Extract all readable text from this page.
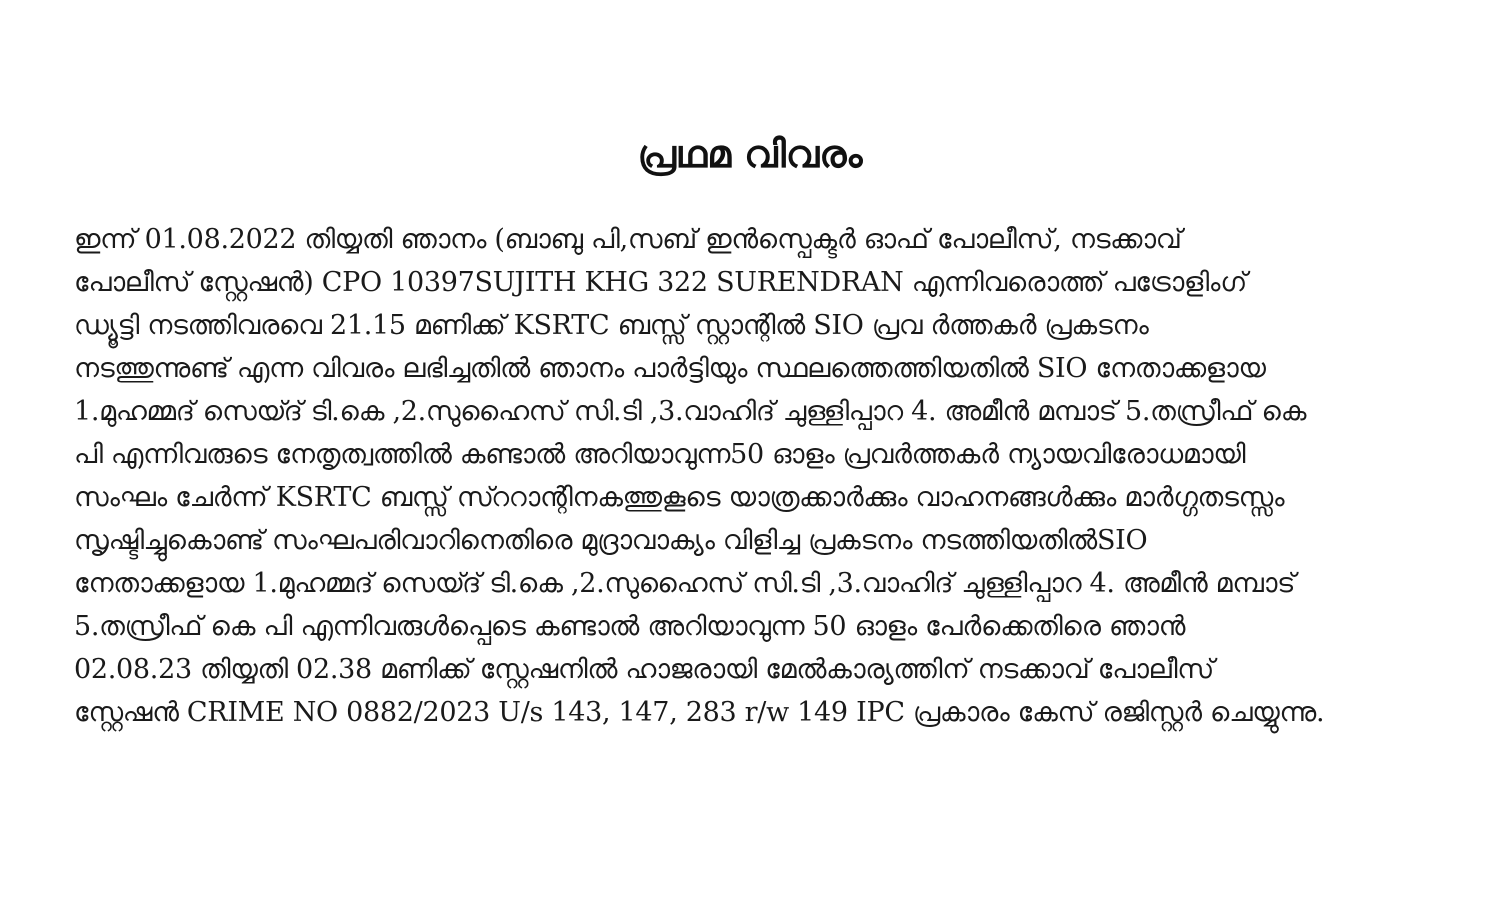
പ്രഥമ വിവരം
ഇന്ന് 01.08.2022 തിയ്യതി ഞാനം (ബാബു പി,സബ് ഇൻസ്പെക്ടർ ഓഫ് പോലീസ്, നടക്കാവ്
പോലീസ് സ്റ്റേഷൻ) CPO 10397SUJITH KHG 322 SURENDRAN എന്നിവരൊത്ത് പട്രോളിംഗ്
ഡ്യൂട്ടി നടത്തിവരവെ 21.15 മണിക്ക് KSRTC ബസ്സ് സ്റ്റാന്റിൽ SIO പ്രവ ർത്തകർ പ്രകടനം
നടത്തുന്നുണ്ട് എന്ന വിവരം ലഭിച്ചതിൽ ഞാനം പാർട്ടിയും സ്ഥലത്തെത്തിയതിൽ SIO നേതാക്കളായ
1.മുഹമ്മദ് സെയ്ദ് ടി.കെ ,2.സുഹൈസ് സി.ടി ,3.വാഹിദ് ചുള്ളിപ്പാറ 4. അമീൻ മമ്പാട് 5.തസ്രീഫ് കെ
പി എന്നിവരുടെ നേതൃത്വത്തിൽ കണ്ടാൽ അറിയാവുന്ന50 ഓളം പ്രവർത്തകർ ന്യായവിരോധമായി
സംഘം ചേർന്ന് KSRTC ബസ്സ് സ്ററാന്റിനകത്തുകൂടെ യാത്രക്കാർക്കും വാഹനങ്ങൾക്കും മാർഗ്ഗതടസ്സം
സൃഷ്ടിച്ചുകൊണ്ട് സംഘപരിവാറിനെതിരെ മുദ്രാവാക്യം വിളിച്ച പ്രകടനം നടത്തിയതിൽSIO
നേതാക്കളായ 1.മുഹമ്മദ് സെയ്ദ് ടി.കെ ,2.സുഹൈസ് സി.ടി ,3.വാഹിദ് ചുള്ളിപ്പാറ 4. അമീൻ മമ്പാട്
5.തസ്രീഫ് കെ പി എന്നിവരുൾപ്പെടെ കണ്ടാൽ അറിയാവുന്ന 50 ഓളം പേർക്കെതിരെ ഞാൻ
02.08.23 തിയ്യതി 02.38 മണിക്ക് സ്റ്റേഷനിൽ ഹാജരായി മേൽകാര്യത്തിന് നടക്കാവ് പോലീസ്
സ്റ്റേഷൻ CRIME NO 0882/2023 U/s 143, 147, 283 r/w 149 IPC പ്രകാരം കേസ് രജിസ്റ്റർ ചെയ്യുന്നു.
